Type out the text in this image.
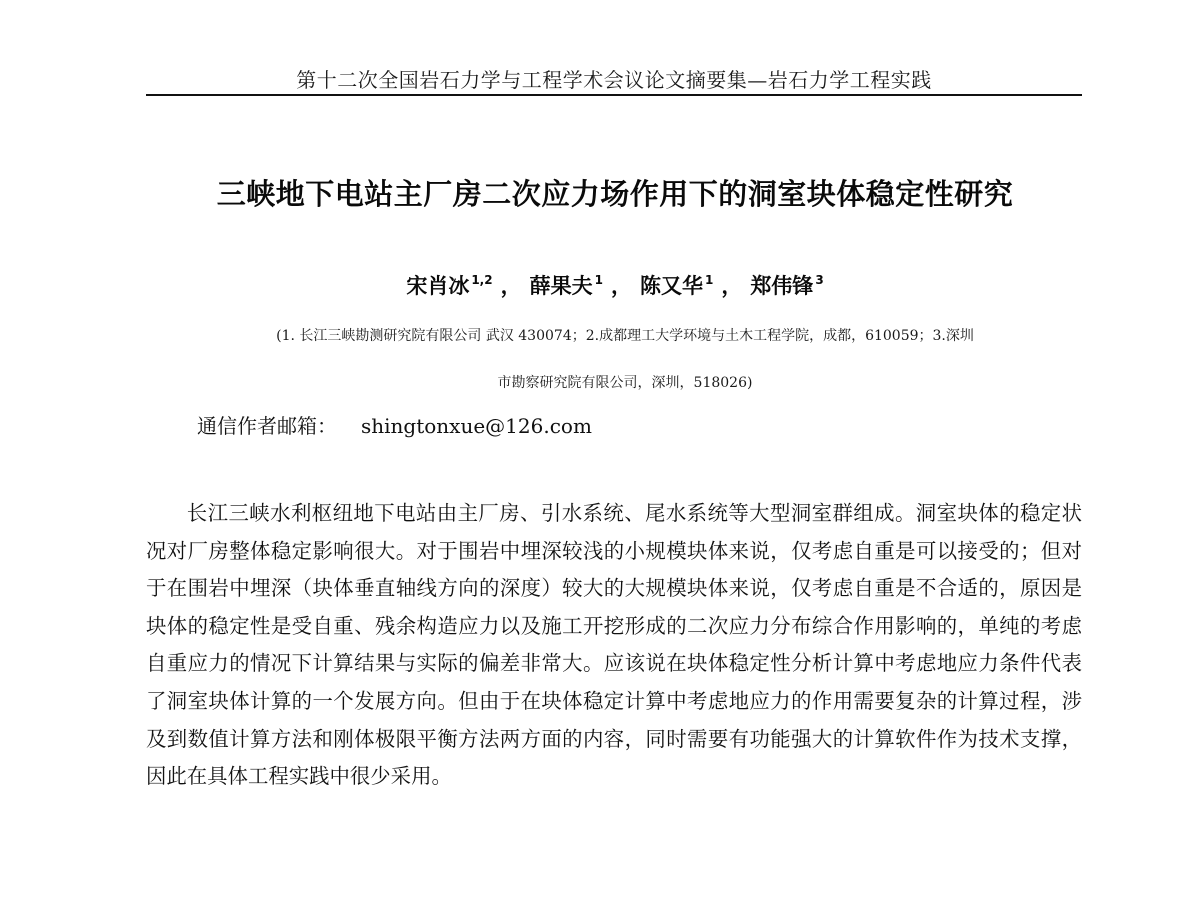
第十二次全国岩石力学与工程学术会议论文摘要集—岩石力学工程实践
三峡地下电站主厂房二次应力场作用下的洞室块体稳定性研究
宋肖冰 $^{1,2}$ ， 薛果夫 $^1$ ， 陈又华 $^1$ ， 郑伟锋 $^3$
(1. 长江三峡勘测研究院有限公司 武汉 430074；2.成都理工大学环境与土木工程学院，成都，610059；3.深圳
市勘察研究院有限公司，深圳，518026)
通信作者邮箱： shingtonxue@126.com

长江三峡水利枢纽地下电站由主厂房、引水系统、尾水系统等大型洞室群组成。洞室块体的稳定状况对厂房整体稳定影响很大。对于围岩中埋深较浅的小规模块体来说，仅考虑自重是可以接受的；但对于在围岩中埋深（块体垂直轴线方向的深度）较大的大规模块体来说，仅考虑自重是不合适的，原因是块体的稳定性是受自重、残余构造应力以及施工开挖形成的二次应力分布综合作用影响的，单纯的考虑自重应力的情况下计算结果与实际的偏差非常大。应该说在块体稳定性分析计算中考虑地应力条件代表了洞室块体计算的一个发展方向。但由于在块体稳定计算中考虑地应力的作用需要复杂的计算过程，涉及到数值计算方法和刚体极限平衡方法两方面的内容，同时需要有功能强大的计算软件作为技术支撑，因此在具体工程实践中很少采用。
